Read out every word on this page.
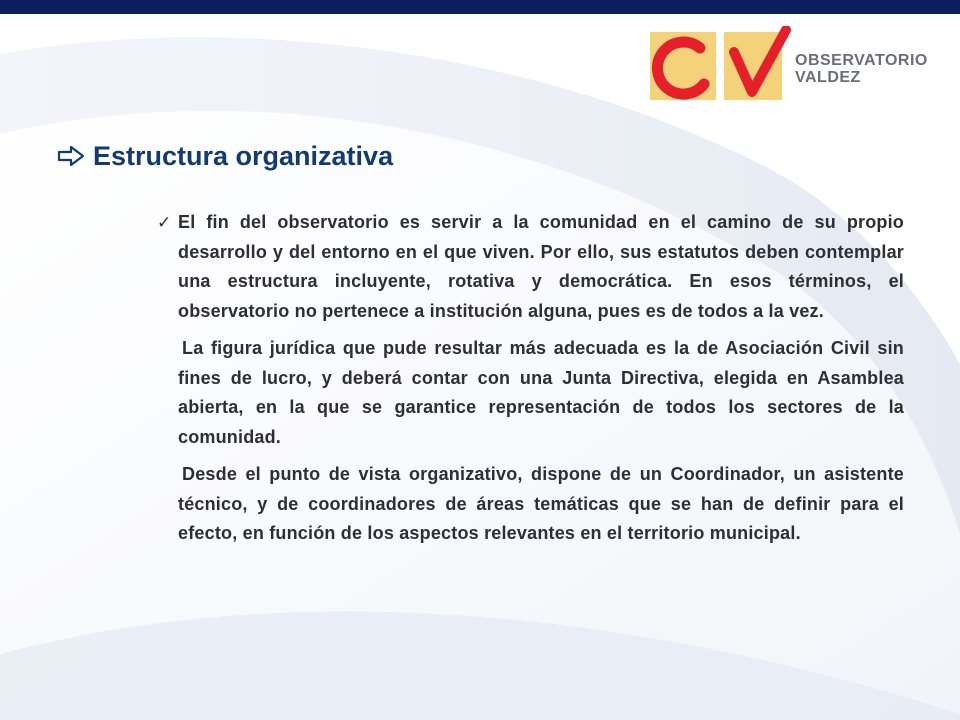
OBSERVATORIO
VALDEZ
Estructura organizativa
✓ El fin del observatorio es servir a la comunidad en el camino de su propio desarrollo y del entorno en el que viven. Por ello, sus estatutos deben contemplar una estructura incluyente, rotativa y democrática. En esos términos, el observatorio no pertenece a institución alguna, pues es de todos a la vez.

La figura jurídica que pude resultar más adecuada es la de Asociación Civil sin fines de lucro, y deberá contar con una Junta Directiva, elegida en Asamblea abierta, en la que se garantice representación de todos los sectores de la comunidad.

Desde el punto de vista organizativo, dispone de un Coordinador, un asistente técnico, y de coordinadores de áreas temáticas que se han de definir para el efecto, en función de los aspectos relevantes en el territorio municipal.
